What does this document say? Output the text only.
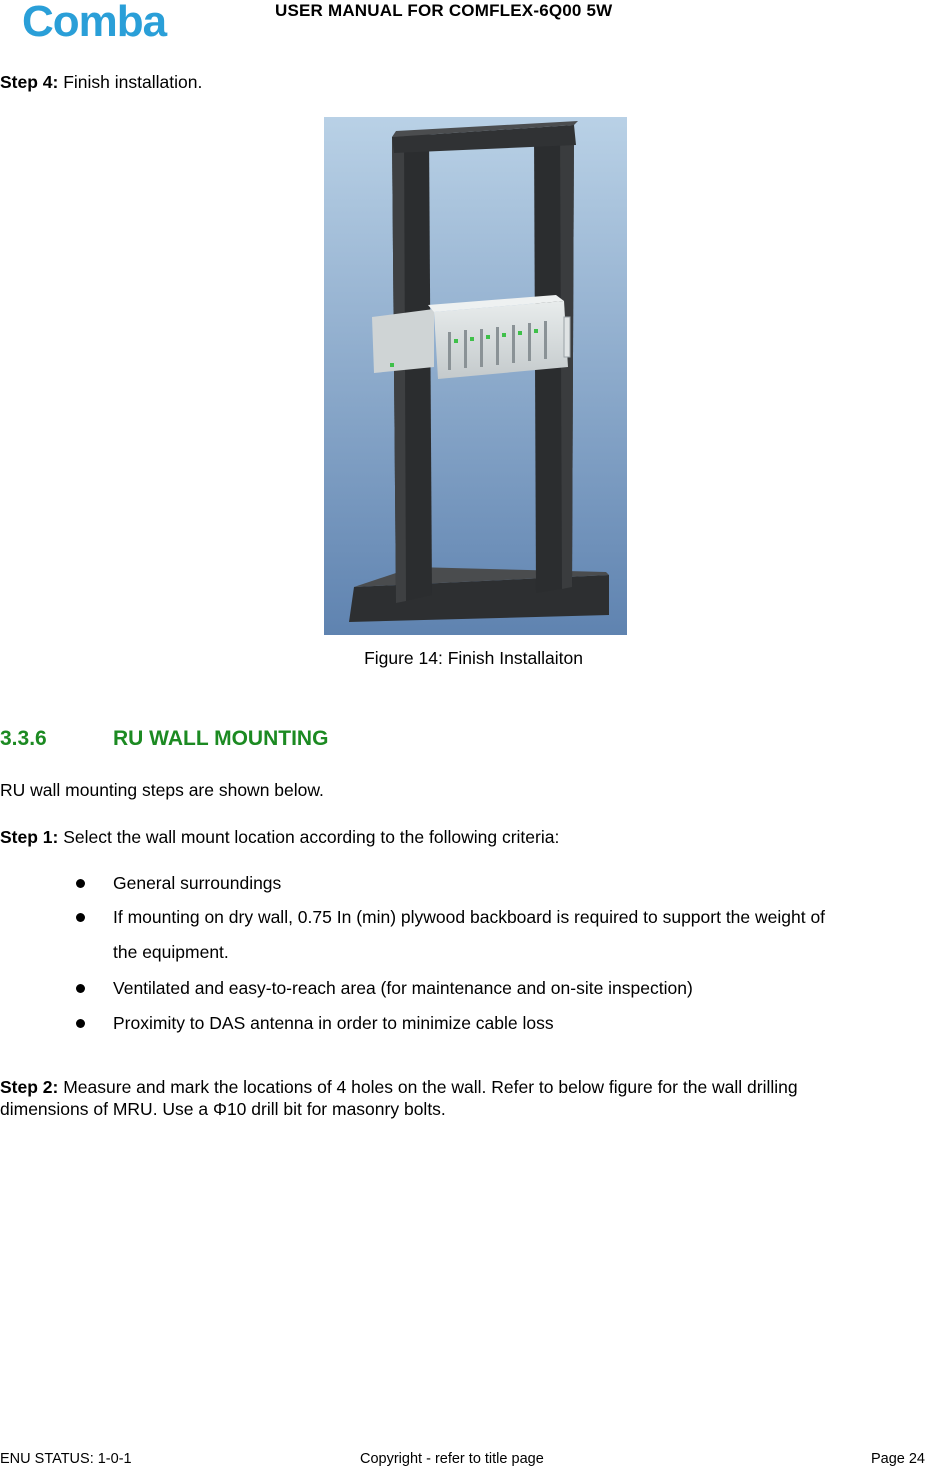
Comba	USER MANUAL FOR COMFLEX-6Q00 5W
Step 4: Finish installation.
Figure 14: Finish Installaiton
3.3.6	RU WALL MOUNTING
RU wall mounting steps are shown below.
Step 1: Select the wall mount location according to the following criteria:
General surroundings
If mounting on dry wall, 0.75 In (min) plywood backboard is required to support the weight of
the equipment.
Ventilated and easy-to-reach area (for maintenance and on-site inspection)
Proximity to DAS antenna in order to minimize cable loss
Step 2: Measure and mark the locations of 4 holes on the wall. Refer to below figure for the wall drilling
dimensions of MRU. Use a Φ10 drill bit for masonry bolts.
ENU STATUS: 1-0-1	Copyright - refer to title page	Page 24
